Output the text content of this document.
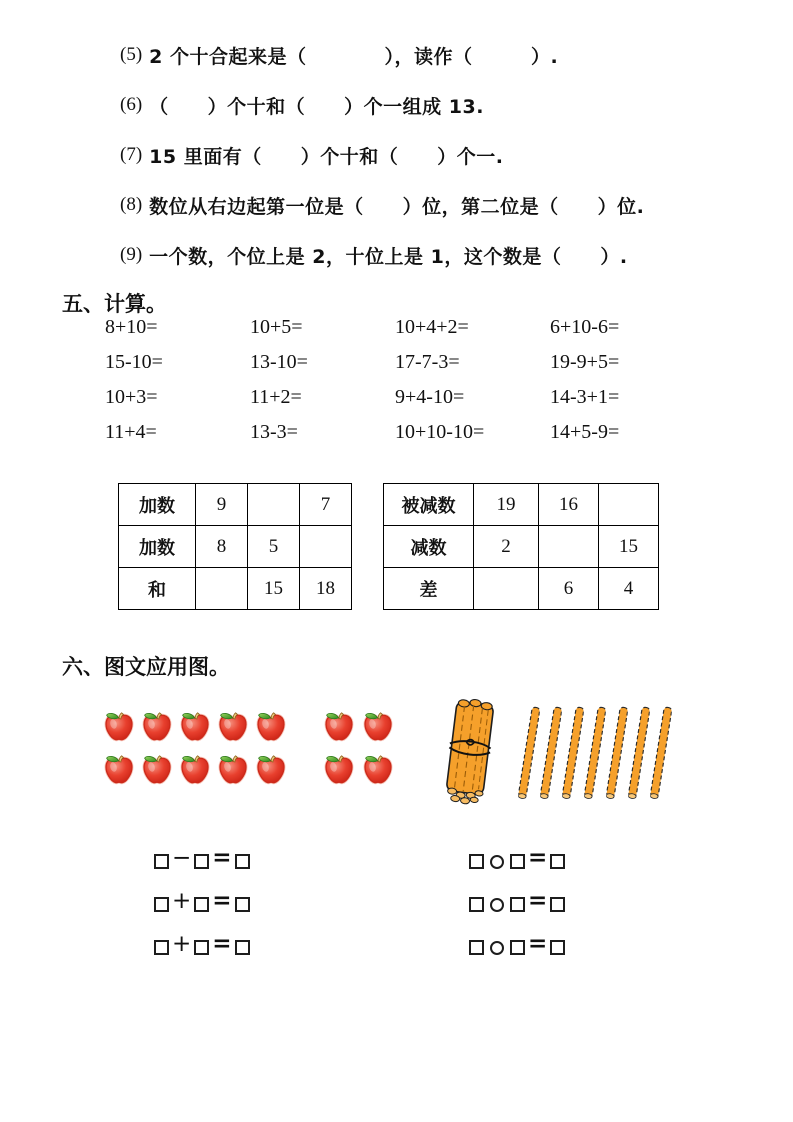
(5) 2 个十合起来是（　　　　），读作（　　　）.
(6) （　　）个十和（　　）个一组成 13.
(7) 15 里面有（　　）个十和（　　）个一.
(8) 数位从右边起第一位是（　　）位，第二位是（　　）位.
(9) 一个数，个位上是 2，十位上是 1，这个数是（　　）.
五、计算。
8+10=	10+5=	10+4+2=	6+10-6=
15-10=	13-10=	17-7-3=	19-9+5=
10+3=	11+2=	9+4-10=	14-3+1=
11+4=	13-3=	10+10-10=	14+5-9=
加数	9		7
加数	8	5	
和		15	18
被减数	19	16	
减数	2		15
差		6	4
六、图文应用图。
− =
+ =
+ =
=
=
=
